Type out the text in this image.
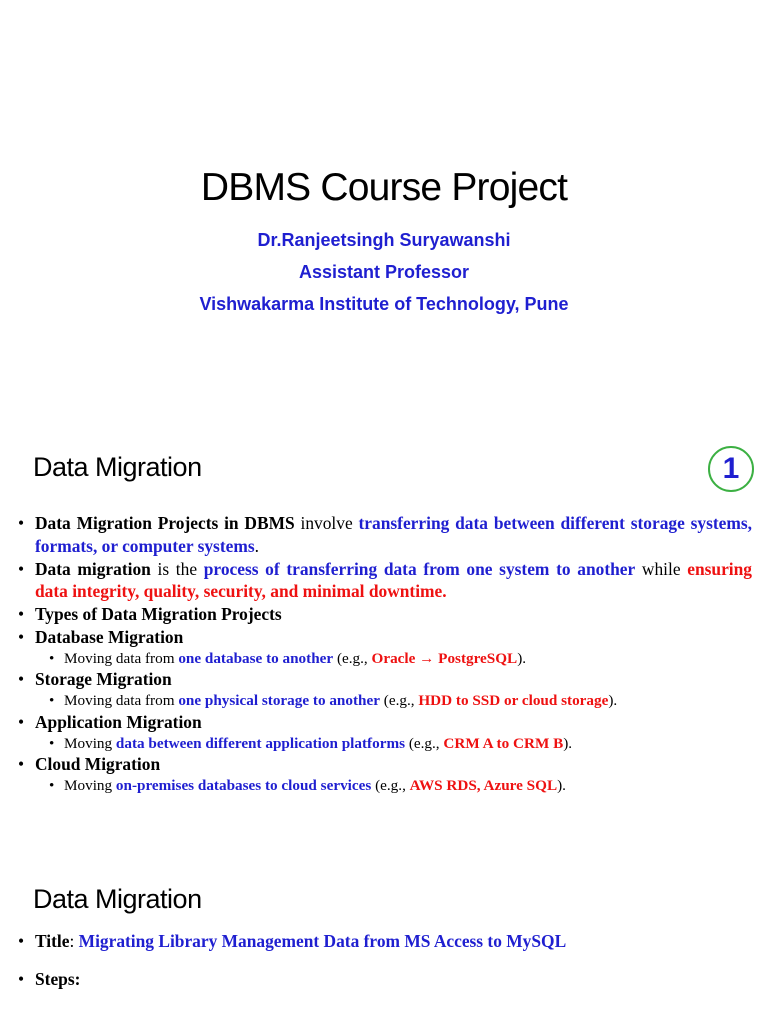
DBMS Course Project
Dr.Ranjeetsingh Suryawanshi
Assistant Professor
Vishwakarma Institute of Technology, Pune
Data Migration	1
• Data Migration Projects in DBMS involve transferring data between different storage systems, formats, or computer systems.
• Data migration is the process of transferring data from one system to another while ensuring data integrity, quality, security, and minimal downtime.
• Types of Data Migration Projects
• Database Migration
• Moving data from one database to another (e.g., Oracle → PostgreSQL).
• Storage Migration
• Moving data from one physical storage to another (e.g., HDD to SSD or cloud storage).
• Application Migration
• Moving data between different application platforms (e.g., CRM A to CRM B).
• Cloud Migration
• Moving on-premises databases to cloud services (e.g., AWS RDS, Azure SQL).
Data Migration
• Title: Migrating Library Management Data from MS Access to MySQL
• Steps:
